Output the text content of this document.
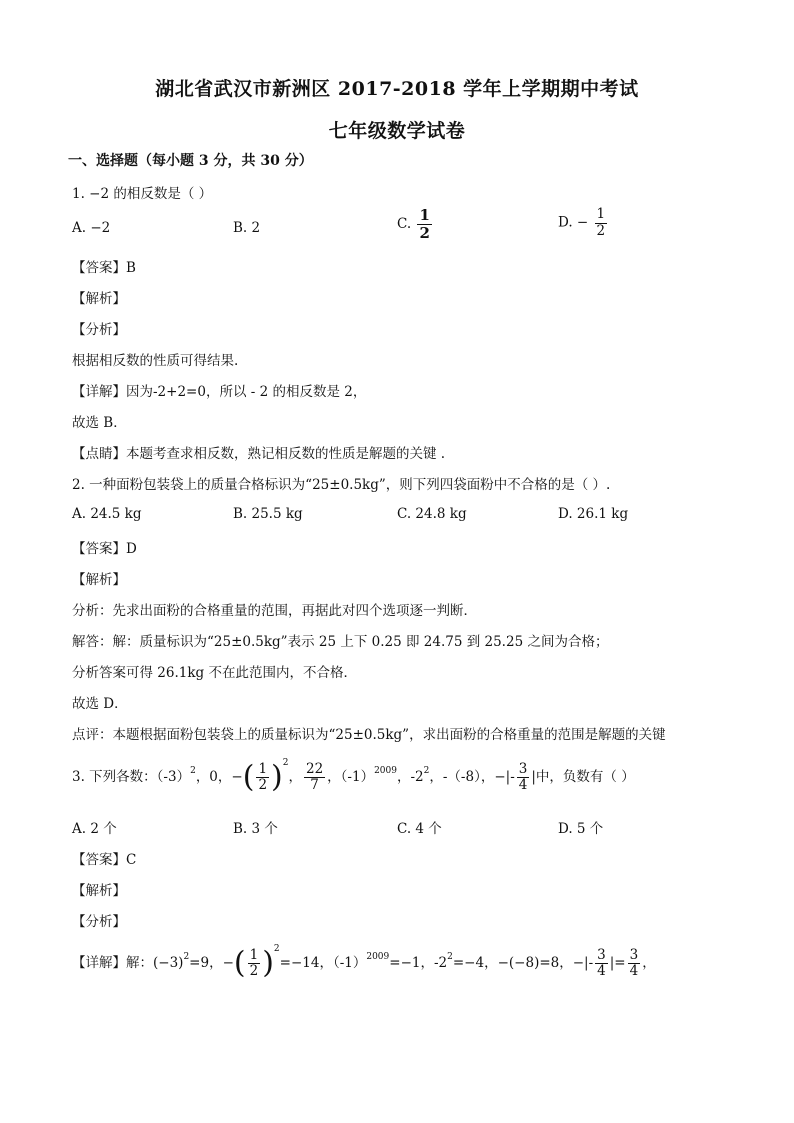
湖北省武汉市新洲区 2017-2018 学年上学期期中考试
七年级数学试卷
一、选择题（每小题 3 分，共 30 分）
1. −2 的相反数是（ ）
A. −2	B. 2	C. $\frac{1}{2}$	D. − $\frac{1}{2}$
【答案】B
【解析】
【分析】
根据相反数的性质可得结果.
【详解】因为-2+2=0，所以 - 2 的相反数是 2，
故选 B．
【点睛】本题考查求相反数，熟记相反数的性质是解题的关键 .
2. 一种面粉包装袋上的质量合格标识为“25±0.5kg”，则下列四袋面粉中不合格的是（ ）.
A. 24.5 kg	B. 25.5 kg	C. 24.8 kg	D. 26.1 kg
【答案】D
【解析】
分析：先求出面粉的合格重量的范围，再据此对四个选项逐一判断．
解答：解：质量标识为“25±0.5kg”表示 25 上下 0.25 即 24.75 到 25.25 之间为合格；
分析答案可得 26.1kg 不在此范围内，不合格．
故选 D．
点评：本题根据面粉包装袋上的质量标识为“25±0.5kg”，求出面粉的合格重量的范围是解题的关键
3. 下列各数：$(-3)^2$，0，−( $\frac{1}{2} )^2$， $\frac{22}{7}$ ，$(-1)^{2009}$，$-2^2$，-（-8），−|- $\frac{3}{4}$ |中，负数有（ ）
A. 2 个	B. 3 个	C. 4 个	D. 5 个
【答案】C
【解析】
【分析】
【详解】解：$(-3)^2=9$，−( $\frac{1}{2} )^2=-14$，$(-1)^{2009}=-1$，$-2^2=-4$，−(−8)=8，−|- $\frac{3}{4}$ |= $\frac{3}{4}$ ，
